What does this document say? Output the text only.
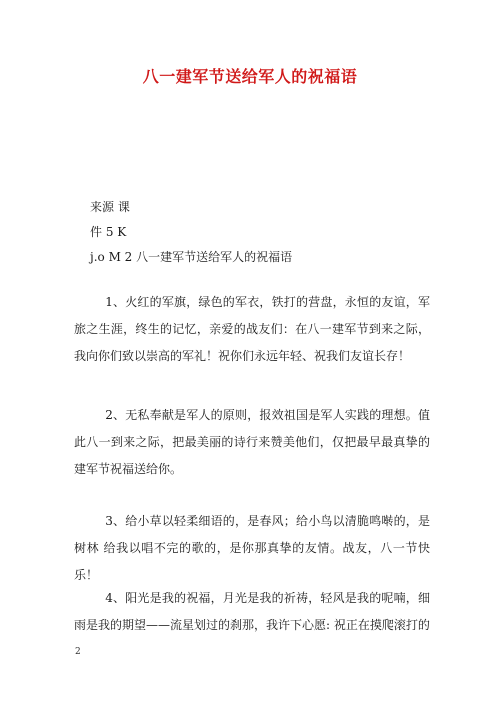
八一建军节送给军人的祝福语
来源 课
件 5 K
j.o M 2 八一建军节送给军人的祝福语

1、火红的军旗，绿色的军衣，铁打的营盘，永恒的友谊，军旅之生涯，终生的记忆，亲爱的战友们：在八一建军节到来之际，我向你们致以崇高的军礼！祝你们永远年轻、祝我们友谊长存！

2、无私奉献是军人的原则，报效祖国是军人实践的理想。值此八一到来之际，把最美丽的诗行来赞美他们，仅把最早最真挚的建军节祝福送给你。

3、给小草以轻柔细语的，是春风；给小鸟以清脆鸣啭的，是树林 给我以唱不完的歌的，是你那真挚的友情。战友，八一节快乐！

4、阳光是我的祝福，月光是我的祈祷，轻风是我的呢喃，细雨是我的期望——流星划过的刹那，我许下心愿: 祝正在摸爬滚打的

2
